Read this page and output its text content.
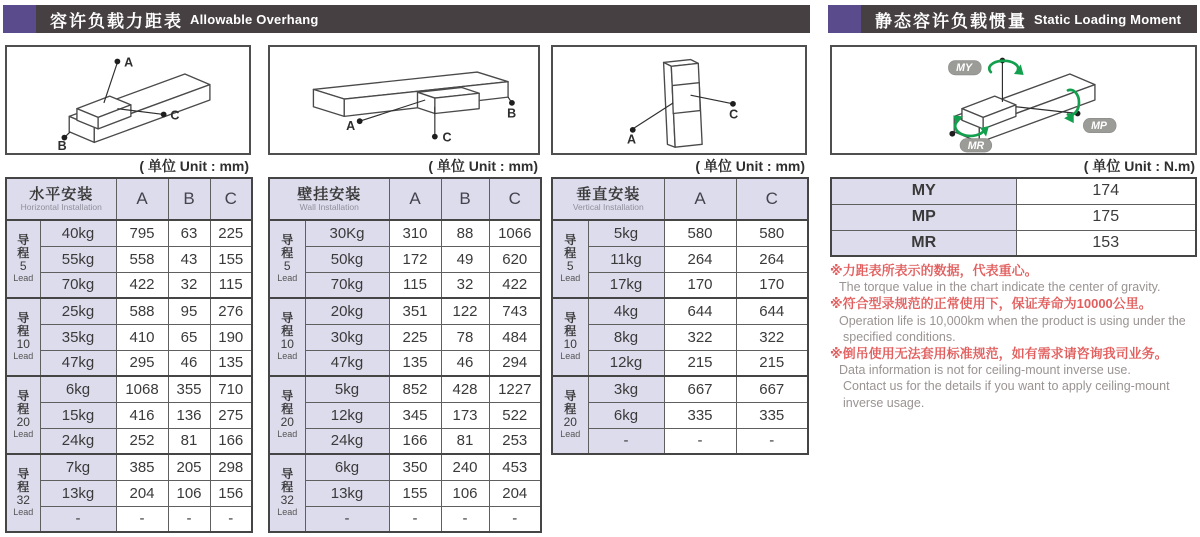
容许负载力距表 Allowable Overhang	静态容许负载惯量 Static Loading Moment
A
B
C
( 单位 Unit : mm)
水平安装
Horizontal Installation		A	B	C

导
程
5
Lead	40kg	795	63	225
	55kg	558	43	155
	70kg	422	32	115

导
程
10
Lead	25kg	588	95	276
	35kg	410	65	190
	47kg	295	46	135

导
程
20
Lead	6kg	1068	355	710
	15kg	416	136	275
	24kg	252	81	166

导
程
32
Lead	7kg	385	205	298
	13kg	204	106	156
	-	-	-	-
A
B
C
( 单位 Unit : mm)
壁挂安装
Wall Installation		A	B	C

导
程
5
Lead	30Kg	310	88	1066
	50kg	172	49	620
	70kg	115	32	422

导
程
10
Lead	20kg	351	122	743
	30kg	225	78	484
	47kg	135	46	294

导
程
20
Lead	5kg	852	428	1227
	12kg	345	173	522
	24kg	166	81	253

导
程
32
Lead	6kg	350	240	453
	13kg	155	106	204
	-	-	-	-
A
C
( 单位 Unit : mm)
垂直安装
Vertical Installation		A	C

导
程
5
Lead	5kg	580	580
	11kg	264	264
	17kg	170	170

导
程
10
Lead	4kg	644	644
	8kg	322	322
	12kg	215	215

导
程
20
Lead	3kg	667	667
	6kg	335	335
	-	-	-
MY
MP
MR
( 单位 Unit : N.m)
MY	174
MP	175
MR	153
※力距表所表示的数据，代表重心。
The torque value in the chart indicate the center of gravity.
※符合型录规范的正常使用下，保证寿命为10000公里。
Operation life is 10,000km when the product is using under the
specified conditions.
※倒吊使用无法套用标准规范，如有需求请咨询我司业务。
Data information is not for ceiling-mount inverse use.
Contact us for the details if you want to apply ceiling-mount
inverse usage.
